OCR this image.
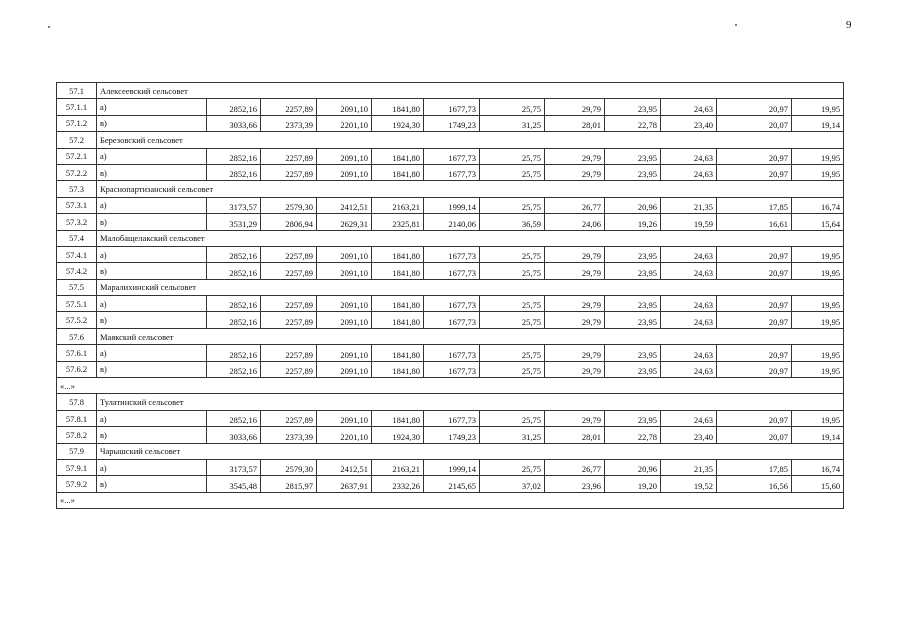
9
57.1	Алексеевский сельсовет											
57.1.1	а)	2852,16	2257,89	2091,10	1841,80	1677,73	25,75	29,79	23,95	24,63	20,97	19,95
57.1.2	в)	3033,66	2373,39	2201,10	1924,30	1749,23	31,25	28,01	22,78	23,40	20,07	19,14
57.2	Березовский сельсовет											
57.2.1	а)	2852,16	2257,89	2091,10	1841,80	1677,73	25,75	29,79	23,95	24,63	20,97	19,95
57.2.2	в)	2852,16	2257,89	2091,10	1841,80	1677,73	25,75	29,79	23,95	24,63	20,97	19,95
57.3	Краснопартизанский сельсовет											
57.3.1	а)	3173,57	2579,30	2412,51	2163,21	1999,14	25,75	26,77	20,96	21,35	17,85	16,74
57.3.2	в)	3531,29	2806,94	2629,31	2325,81	2140,06	36,59	24,06	19,26	19,59	16,61	15,64
57.4	Малобащелакский сельсовет											
57.4.1	а)	2852,16	2257,89	2091,10	1841,80	1677,73	25,75	29,79	23,95	24,63	20,97	19,95
57.4.2	в)	2852,16	2257,89	2091,10	1841,80	1677,73	25,75	29,79	23,95	24,63	20,97	19,95
57.5	Маралихинский сельсовет											
57.5.1	а)	2852,16	2257,89	2091,10	1841,80	1677,73	25,75	29,79	23,95	24,63	20,97	19,95
57.5.2	в)	2852,16	2257,89	2091,10	1841,80	1677,73	25,75	29,79	23,95	24,63	20,97	19,95
57.6	Маякский сельсовет											
57.6.1	а)	2852,16	2257,89	2091,10	1841,80	1677,73	25,75	29,79	23,95	24,63	20,97	19,95
57.6.2	в)	2852,16	2257,89	2091,10	1841,80	1677,73	25,75	29,79	23,95	24,63	20,97	19,95
«...»												
57.8	Тулатинский сельсовет											
57.8.1	а)	2852,16	2257,89	2091,10	1841,80	1677,73	25,75	29,79	23,95	24,63	20,97	19,95
57.8.2	в)	3033,66	2373,39	2201,10	1924,30	1749,23	31,25	28,01	22,78	23,40	20,07	19,14
57.9	Чарышский сельсовет											
57.9.1	а)	3173,57	2579,30	2412,51	2163,21	1999,14	25,75	26,77	20,96	21,35	17,85	16,74
57.9.2	в)	3545,48	2815,97	2637,91	2332,26	2145,65	37,02	23,96	19,20	19,52	16,56	15,60
«...»												
